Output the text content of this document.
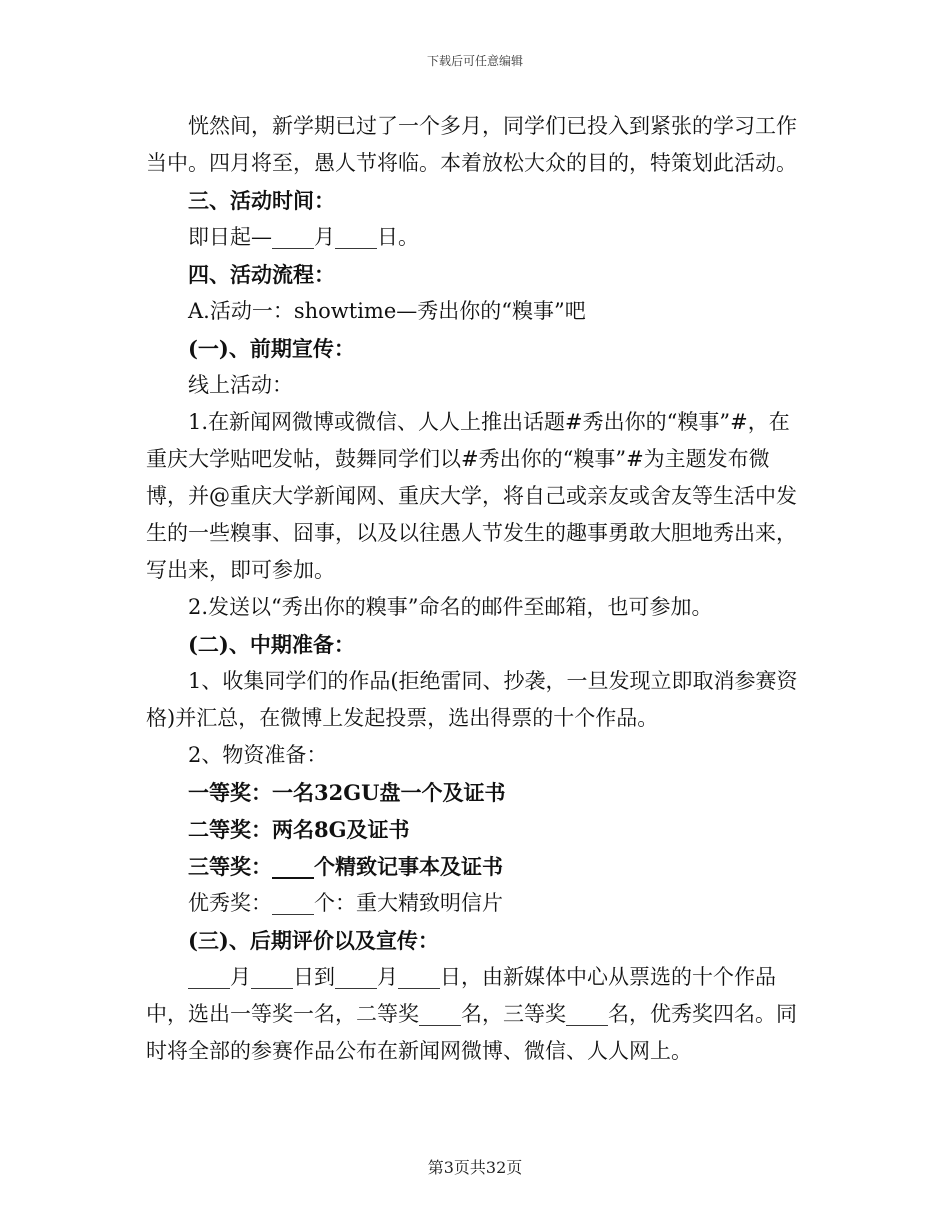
下载后可任意编辑

恍然间，新学期已过了一个多月，同学们已投入到紧张的学习工作当中。四月将至，愚人节将临。本着放松大众的目的，特策划此活动。

三、活动时间：

即日起—____月____日。

四、活动流程：

A.活动一：showtime—秀出你的“糗事”吧

(一)、前期宣传：

线上活动：

1.在新闻网微博或微信、人人上推出话题#秀出你的“糗事”#，在重庆大学贴吧发帖，鼓舞同学们以#秀出你的“糗事”#为主题发布微博，并@重庆大学新闻网、重庆大学，将自己或亲友或舍友等生活中发生的一些糗事、囧事，以及以往愚人节发生的趣事勇敢大胆地秀出来，写出来，即可参加。

2.发送以“秀出你的糗事”命名的邮件至邮箱，也可参加。

(二)、中期准备：

1、收集同学们的作品(拒绝雷同、抄袭，一旦发现立即取消参赛资格)并汇总，在微博上发起投票，选出得票的十个作品。

2、物资准备：

一等奖：一名32GU盘一个及证书

二等奖：两名8G及证书

三等奖：____个精致记事本及证书

优秀奖：____个：重大精致明信片

(三)、后期评价以及宣传：

____月____日到____月____日，由新媒体中心从票选的十个作品中，选出一等奖一名，二等奖____名，三等奖____名，优秀奖四名。同时将全部的参赛作品公布在新闻网微博、微信、人人网上。

第3页共32页
